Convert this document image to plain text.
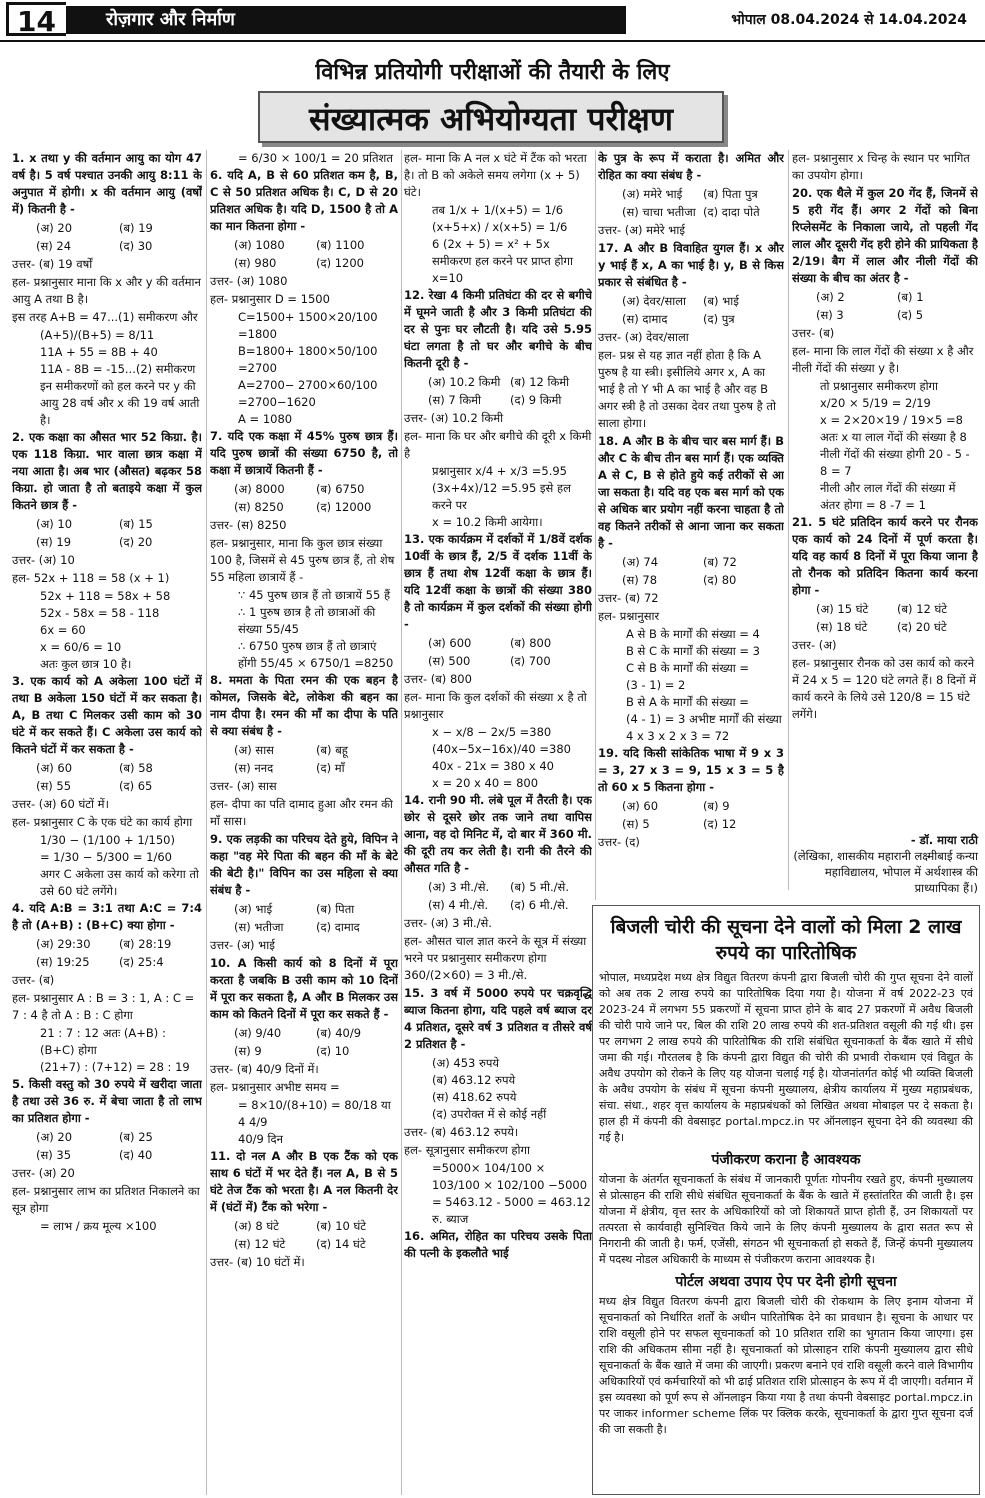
14	रोज़गार और निर्माण	भोपाल 08.04.2024 से 14.04.2024
विभिन्न प्रतियोगी परीक्षाओं की तैयारी के लिए
संख्यात्मक अभियोग्यता परीक्षण
1. x तथा y की वर्तमान आयु का योग 47 वर्ष है। 5 वर्ष पश्चात उनकी आयु 8:11 के अनुपात में होगी। x की वर्तमान आयु (वर्षों में) कितनी है -
(अ) 20	(ब) 19
(स) 24	(द) 30
उत्तर- (ब) 19 वर्षों
हल- प्रश्नानुसार माना कि x और y की वर्तमान आयु A तथा B है।
इस तरह A+B = 47...(1) समीकरण और
(A+5)/(B+5) = 8/11
11A + 55 = 8B + 40
11A - 8B = -15...(2) समीकरण
इन समीकरणों को हल करने पर y की आयु 28 वर्ष और x की 19 वर्ष आती है।
2. एक कक्षा का औसत भार 52 किग्रा. है। एक 118 किग्रा. भार वाला छात्र कक्षा में नया आता है। अब भार (औसत) बढ़कर 58 किग्रा. हो जाता है तो बताइये कक्षा में कुल कितने छात्र हैं -
(अ) 10	(ब) 15
(स) 19	(द) 20
उत्तर- (अ) 10
हल- 52x + 118 = 58 (x + 1)
52x + 118 = 58x + 58
52x - 58x = 58 - 118
6x = 60
x = 60/6 = 10
अतः कुल छात्र 10 है।
3. एक कार्य को A अकेला 100 घंटों में तथा B अकेला 150 घंटों में कर सकता है। A, B तथा C मिलकर उसी काम को 30 घंटे में कर सकते हैं। C अकेला उस कार्य को कितने घंटों में कर सकता है -
(अ) 60	(ब) 58
(स) 55	(द) 65
उत्तर- (अ) 60 घंटों में।
हल- प्रश्नानुसार C के एक घंटे का कार्य होगा
1/30 − (1/100 + 1/150)
= 1/30 − 5/300 = 1/60
अगर C अकेला उस कार्य को करेगा तो उसे 60 घंटे लगेंगे।
4. यदि A:B = 3:1 तथा A:C = 7:4 है तो (A+B) : (B+C) क्या होगा -
(अ) 29:30	(ब) 28:19
(स) 19:25	(द) 25:4
उत्तर- (ब)
हल- प्रश्नानुसार A : B = 3 : 1, A : C = 7 : 4 है तो A : B : C होगा
21 : 7 : 12 अतः (A+B) : (B+C) होगा
(21+7) : (7+12) = 28 : 19
5. किसी वस्तु को 30 रुपये में खरीदा जाता है तथा उसे 36 रु. में बेचा जाता है तो लाभ का प्रतिशत होगा -
(अ) 20	(ब) 25
(स) 35	(द) 40
उत्तर- (अ) 20
हल- प्रश्नानुसार लाभ का प्रतिशत निकालने का सूत्र होगा
= लाभ / क्रय मूल्य ×100
= 6/30 × 100/1 = 20 प्रतिशत
6. यदि A, B से 60 प्रतिशत कम है, B, C से 50 प्रतिशत अधिक है। C, D से 20 प्रतिशत अधिक है। यदि D, 1500 है तो A का मान कितना होगा -
(अ) 1080	(ब) 1100
(स) 980	(द) 1200
उत्तर- (अ) 1080
हल- प्रश्नानुसार D = 1500
C=1500+ 1500×20/100 =1800
B=1800+ 1800×50/100 =2700
A=2700− 2700×60/100 =2700−1620
A = 1080
7. यदि एक कक्षा में 45% पुरुष छात्र हैं। यदि पुरुष छात्रों की संख्या 6750 है, तो कक्षा में छात्रायें कितनी हैं -
(अ) 8000	(ब) 6750
(स) 8250	(द) 12000
उत्तर- (स) 8250
हल- प्रश्नानुसार, माना कि कुल छात्र संख्या 100 है, जिसमें से 45 पुरुष छात्र हैं, तो शेष 55 महिला छात्रायें हैं -
∵ 45 पुरुष छात्र हैं तो छात्रायें 55 हैं
∴ 1 पुरुष छात्र है तो छात्राओं की संख्या 55/45
∴ 6750 पुरुष छात्र हैं तो छात्राएं होंगी 55/45 × 6750/1 =8250
8. ममता के पिता रमन की एक बहन है कोमल, जिसके बेटे, लोकेश की बहन का नाम दीपा है। रमन की माँ का दीपा के पति से क्या संबंध है -
(अ) सास	(ब) बहू
(स) ननद	(द) माँ
उत्तर- (अ) सास
हल- दीपा का पति दामाद हुआ और रमन की माँ सास।
9. एक लड़की का परिचय देते हुये, विपिन ने कहा "वह मेरे पिता की बहन की माँ के बेटे की बेटी है।" विपिन का उस महिला से क्या संबंध है -
(अ) भाई	(ब) पिता
(स) भतीजा	(द) दामाद
उत्तर- (अ) भाई
10. A किसी कार्य को 8 दिनों में पूरा करता है जबकि B उसी काम को 10 दिनों में पूरा कर सकता है, A और B मिलकर उस काम को कितने दिनों में पूरा कर सकते हैं -
(अ) 9/40	(ब) 40/9
(स) 9	(द) 10
उत्तर- (ब) 40/9 दिनों में।
हल- प्रश्नानुसार अभीष्ट समय =
= 8×10/(8+10) = 80/18 या 4 4/9
40/9 दिन
11. दो नल A और B एक टैंक को एक साथ 6 घंटों में भर देते हैं। नल A, B से 5 घंटे तेज टैंक को भरता है। A नल कितनी देर में (घंटों में) टैंक को भरेगा -
(अ) 8 घंटे	(ब) 10 घंटे
(स) 12 घंटे	(द) 14 घंटे
उत्तर- (ब) 10 घंटों में।
हल- माना कि A नल x घंटे में टैंक को भरता है। तो B को अकेले समय लगेगा (x + 5) घंटे।
तब 1/x + 1/(x+5) = 1/6
(x+5+x) / x(x+5) = 1/6
6 (2x + 5) = x² + 5x
समीकरण हल करने पर प्राप्त होगा x=10
12. रेखा 4 किमी प्रतिघंटा की दर से बगीचे में घूमने जाती है और 3 किमी प्रतिघंटा की दर से पुनः घर लौटती है। यदि उसे 5.95 घंटा लगता है तो घर और बगीचे के बीच कितनी दूरी है -
(अ) 10.2 किमी (ब) 12 किमी
(स) 7 किमी	(द) 9 किमी
उत्तर- (अ) 10.2 किमी
हल- माना कि घर और बगीचे की दूरी x किमी है
प्रश्नानुसार x/4 + x/3 =5.95
(3x+4x)/12 =5.95 इसे हल करने पर
x = 10.2 किमी आयेगा।
13. एक कार्यक्रम में दर्शकों में 1/8वें दर्शक 10वीं के छात्र हैं, 2/5 वें दर्शक 11वीं के छात्र हैं तथा शेष 12वीं कक्षा के छात्र हैं। यदि 12वीं कक्षा के छात्रों की संख्या 380 है तो कार्यक्रम में कुल दर्शकों की संख्या होगी -
(अ) 600	(ब) 800
(स) 500	(द) 700
उत्तर- (ब) 800
हल- माना कि कुल दर्शकों की संख्या x है तो प्रश्नानुसार
x − x/8 − 2x/5 =380
(40x−5x−16x)/40 =380
40x - 21x = 380 x 40
x = 20 x 40 = 800
14. रानी 90 मी. लंबे पूल में तैरती है। एक छोर से दूसरे छोर तक जाने तथा वापिस आना, वह दो मिनिट में, दो बार में 360 मी. की दूरी तय कर लेती है। रानी की तैरने की औसत गति है -
(अ) 3 मी./से.	(ब) 5 मी./से.
(स) 4 मी./से.	(द) 6 मी./से.
उत्तर- (अ) 3 मी./से.
हल- औसत चाल ज्ञात करने के सूत्र में संख्या भरने पर प्रश्नानुसार समीकरण होगा 360/(2×60) = 3 मी./से.
15. 3 वर्ष में 5000 रुपये पर चक्रवृद्धि ब्याज कितना होगा, यदि पहले वर्ष ब्याज दर 4 प्रतिशत, दूसरे वर्ष 3 प्रतिशत व तीसरे वर्ष 2 प्रतिशत है -
(अ) 453 रुपये
(ब) 463.12 रुपये
(स) 418.62 रुपये
(द) उपरोक्त में से कोई नहीं
उत्तर- (ब) 463.12 रुपये।
हल- सूत्रानुसार समीकरण होगा
=5000× 104/100 × 103/100 × 102/100 −5000
= 5463.12 - 5000 = 463.12 रु. ब्याज
16. अमित, रोहित का परिचय उसके पिता की पत्नी के इकलौते भाई
के पुत्र के रूप में कराता है। अमित और रोहित का क्या संबंध है -
(अ) ममेरे भाई	(ब) पिता पुत्र
(स) चाचा भतीजा (द) दादा पोते
उत्तर- (अ) ममेरे भाई
17. A और B विवाहित युगल हैं। x और y भाई हैं x, A का भाई है। y, B से किस प्रकार से संबंधित है -
(अ) देवर/साला	(ब) भाई
(स) दामाद	(द) पुत्र
उत्तर- (अ) देवर/साला
हल- प्रश्न से यह ज्ञात नहीं होता है कि A पुरुष है या स्त्री। इसीलिये अगर x, A का भाई है तो Y भी A का भाई है और वह B अगर स्त्री है तो उसका देवर तथा पुरुष है तो साला होगा।
18. A और B के बीच चार बस मार्ग हैं। B और C के बीच तीन बस मार्ग हैं। एक व्यक्ति A से C, B से होते हुये कई तरीकों से आ जा सकता है। यदि वह एक बस मार्ग को एक से अधिक बार प्रयोग नहीं करना चाहता है तो वह कितने तरीकों से आना जाना कर सकता है -
(अ) 74	(ब) 72
(स) 78	(द) 80
उत्तर- (ब) 72
हल- प्रश्नानुसार
A से B के मार्गों की संख्या = 4
B से C के मार्गों की संख्या = 3
C से B के मार्गों की संख्या =
(3 - 1) = 2
B से A के मार्गों की संख्या =
(4 - 1) = 3 अभीष्ट मार्गों की संख्या 4 x 3 x 2 x 3 = 72
19. यदि किसी सांकेतिक भाषा में 9 x 3 = 3, 27 x 3 = 9, 15 x 3 = 5 है तो 60 x 5 कितना होगा -
(अ) 60	(ब) 9
(स) 5	(द) 12
उत्तर- (द)
हल- प्रश्नानुसार x चिन्ह के स्थान पर भागित का उपयोग होगा।
20. एक थैले में कुल 20 गेंद हैं, जिनमें से 5 हरी गेंद हैं। अगर 2 गेंदों को बिना रिप्लेसमेंट के निकाला जाये, तो पहली गेंद लाल और दूसरी गेंद हरी होने की प्रायिकता है 2/19। बैग में लाल और नीली गेंदों की संख्या के बीच का अंतर है -
(अ) 2	(ब) 1
(स) 3	(द) 5
उत्तर- (ब)
हल- माना कि लाल गेंदों की संख्या x है और नीली गेंदों की संख्या y है।
तो प्रश्नानुसार समीकरण होगा
x/20 × 5/19 = 2/19
x = 2×20×19 / 19×5 =8
अतः x या लाल गेंदों की संख्या है 8 नीली गेंदों की संख्या होगी 20 - 5 - 8 = 7
नीली और लाल गेंदों की संख्या में अंतर होगा = 8 -7 = 1
21. 5 घंटे प्रतिदिन कार्य करने पर रौनक एक कार्य को 24 दिनों में पूर्ण करता है। यदि वह कार्य 8 दिनों में पूरा किया जाना है तो रौनक को प्रतिदिन कितना कार्य करना होगा -
(अ) 15 घंटे	(ब) 12 घंटे
(स) 18 घंटे	(द) 20 घंटे
उत्तर- (अ)
हल- प्रश्नानुसार रौनक को उस कार्य को करने में 24 x 5 = 120 घंटे लगते हैं। 8 दिनों में कार्य करने के लिये उसे 120/8 = 15 घंटे लगेंगे।
- डॉ. माया राठी
(लेखिका, शासकीय महारानी लक्ष्मीबाई कन्या महाविद्यालय, भोपाल में अर्थशास्त्र की प्राध्यापिका हैं।)
बिजली चोरी की सूचना देने वालों को मिला 2 लाख रुपये का पारितोषिक

भोपाल, मध्यप्रदेश मध्य क्षेत्र विद्युत वितरण कंपनी द्वारा बिजली चोरी की गुप्त सूचना देने वालों को अब तक 2 लाख रुपये का पारितोषिक दिया गया है। योजना में वर्ष 2022-23 एवं 2023-24 में लगभग 55 प्रकरणों में सूचना प्राप्त होने के बाद 27 प्रकरणों में अवैध बिजली की चोरी पाये जाने पर, बिल की राशि 20 लाख रुपये की शत-प्रतिशत वसूली की गई थी। इस पर लगभग 2 लाख रुपये की पारितोषिक की राशि संबंधित सूचनाकर्ता के बैंक खाते में सीधे जमा की गई। गौरतलब है कि कंपनी द्वारा विद्युत की चोरी की प्रभावी रोकथाम एवं विद्युत के अवैध उपयोग को रोकने के लिए यह योजना चलाई गई है। योजनांतर्गत कोई भी व्यक्ति बिजली के अवैध उपयोग के संबंध में सूचना कंपनी मुख्यालय, क्षेत्रीय कार्यालय में मुख्य महाप्रबंधक, संचा. संधा., शहर वृत्त कार्यालय के महाप्रबंधकों को लिखित अथवा मोबाइल पर दे सकता है। हाल ही में कंपनी की वेबसाइट portal.mpcz.in पर ऑनलाइन सूचना देने की व्यवस्था की गई है।

पंजीकरण कराना है आवश्यक

योजना के अंतर्गत सूचनाकर्ता के संबंध में जानकारी पूर्णतः गोपनीय रखते हुए, कंपनी मुख्यालय से प्रोत्साहन की राशि सीधे संबंधित सूचनाकर्ता के बैंक के खाते में हस्तांतरित की जाती है। इस योजना में क्षेत्रीय, वृत्त स्तर के अधिकारियों को जो शिकायतें प्राप्त होती हैं, उन शिकायतों पर तत्परता से कार्यवाही सुनिश्चित किये जाने के लिए कंपनी मुख्यालय के द्वारा सतत रूप से निगरानी की जाती है। फर्म, एजेंसी, संगठन भी सूचनाकर्ता हो सकते हैं, जिन्हें कंपनी मुख्यालय में पदस्थ नोडल अधिकारी के माध्यम से पंजीकरण कराना आवश्यक है।

पोर्टल अथवा उपाय ऐप पर देनी होगी सूचना

मध्य क्षेत्र विद्युत वितरण कंपनी द्वारा बिजली चोरी की रोकथाम के लिए इनाम योजना में सूचनाकर्ता को निर्धारित शर्तों के अधीन पारितोषिक देने का प्रावधान है। सूचना के आधार पर राशि वसूली होने पर सफल सूचनाकर्ता को 10 प्रतिशत राशि का भुगतान किया जाएगा। इस राशि की अधिकतम सीमा नहीं है। सूचनाकर्ता को प्रोत्साहन राशि कंपनी मुख्यालय द्वारा सीधे सूचनाकर्ता के बैंक खाते में जमा की जाएगी। प्रकरण बनाने एवं राशि वसूली करने वाले विभागीय अधिकारियों एवं कर्मचारियों को भी ढाई प्रतिशत राशि प्रोत्साहन के रूप में दी जाएगी। वर्तमान में इस व्यवस्था को पूर्ण रूप से ऑनलाइन किया गया है तथा कंपनी वेबसाइट portal.mpcz.in पर जाकर informer scheme लिंक पर क्लिक करके, सूचनाकर्ता के द्वारा गुप्त सूचना दर्ज की जा सकती है।
